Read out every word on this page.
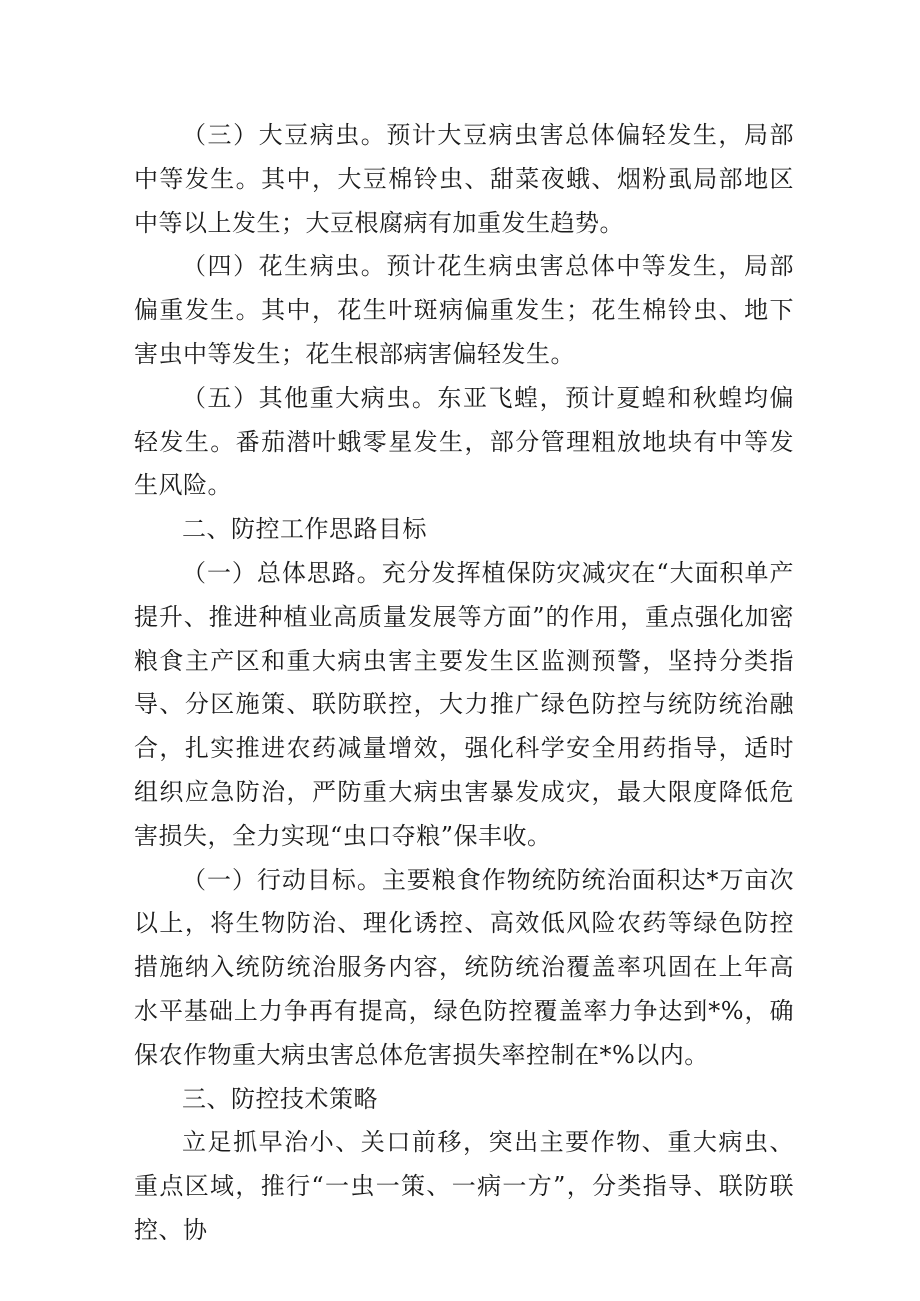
（三）大豆病虫。预计大豆病虫害总体偏轻发生，局部中等发生。其中，大豆棉铃虫、甜菜夜蛾、烟粉虱局部地区中等以上发生；大豆根腐病有加重发生趋势。

（四）花生病虫。预计花生病虫害总体中等发生，局部偏重发生。其中，花生叶斑病偏重发生；花生棉铃虫、地下害虫中等发生；花生根部病害偏轻发生。

（五）其他重大病虫。东亚飞蝗，预计夏蝗和秋蝗均偏轻发生。番茄潜叶蛾零星发生，部分管理粗放地块有中等发生风险。

二、防控工作思路目标

（一）总体思路。充分发挥植保防灾减灾在“大面积单产提升、推进种植业高质量发展等方面”的作用，重点强化加密粮食主产区和重大病虫害主要发生区监测预警，坚持分类指导、分区施策、联防联控，大力推广绿色防控与统防统治融合，扎实推进农药减量增效，强化科学安全用药指导，适时组织应急防治，严防重大病虫害暴发成灾，最大限度降低危害损失，全力实现“虫口夺粮”保丰收。

（一）行动目标。主要粮食作物统防统治面积达*万亩次以上，将生物防治、理化诱控、高效低风险农药等绿色防控措施纳入统防统治服务内容，统防统治覆盖率巩固在上年高水平基础上力争再有提高，绿色防控覆盖率力争达到*%，确保农作物重大病虫害总体危害损失率控制在*%以内。

三、防控技术策略

立足抓早治小、关口前移，突出主要作物、重大病虫、重点区域，推行“一虫一策、一病一方”，分类指导、联防联控、协
